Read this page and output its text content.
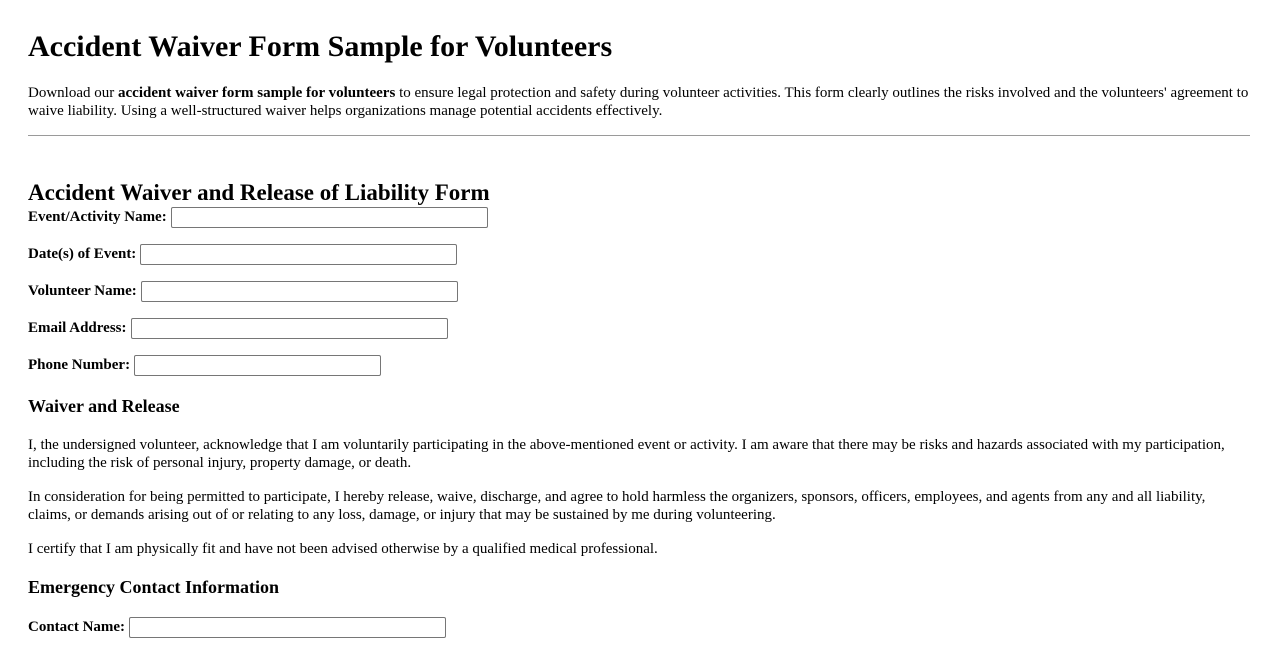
Accident Waiver Form Sample for Volunteers

Download our accident waiver form sample for volunteers to ensure legal protection and safety during volunteer activities. This form clearly outlines the risks involved and the volunteers' agreement to waive liability. Using a well-structured waiver helps organizations manage potential accidents effectively.

Accident Waiver and Release of Liability Form
Event/Activity Name:
Date(s) of Event:
Volunteer Name:
Email Address:
Phone Number:
Waiver and Release

I, the undersigned volunteer, acknowledge that I am voluntarily participating in the above-mentioned event or activity. I am aware that there may be risks and hazards associated with my participation, including the risk of personal injury, property damage, or death.

In consideration for being permitted to participate, I hereby release, waive, discharge, and agree to hold harmless the organizers, sponsors, officers, employees, and agents from any and all liability, claims, or demands arising out of or relating to any loss, damage, or injury that may be sustained by me during volunteering.

I certify that I am physically fit and have not been advised otherwise by a qualified medical professional.

Emergency Contact Information
Contact Name:
